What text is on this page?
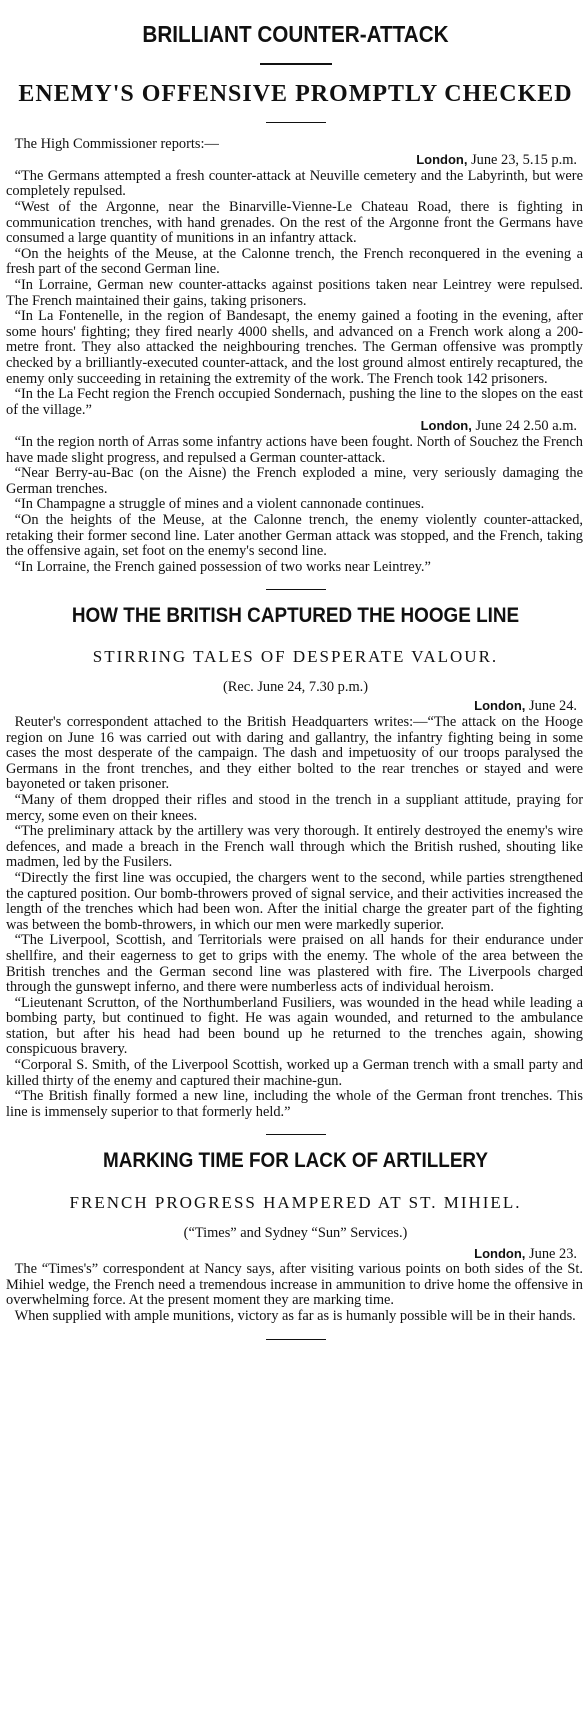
BRILLIANT COUNTER-ATTACK
ENEMY'S OFFENSIVE PROMPTLY CHECKED

The High Commissioner reports:—

London, June 23, 5.15 p.m.

“The Germans attempted a fresh counter-attack at Neuville cemetery and the Labyrinth, but were completely repulsed.

“West of the Argonne, near the Binarville-Vienne-Le Chateau Road, there is fighting in communication trenches, with hand grenades. On the rest of the Argonne front the Germans have consumed a large quantity of munitions in an infantry attack.

“On the heights of the Meuse, at the Calonne trench, the French reconquered in the evening a fresh part of the second German line.

“In Lorraine, German new counter-attacks against positions taken near Leintrey were repulsed. The French maintained their gains, taking prisoners.

“In La Fontenelle, in the region of Bandesapt, the enemy gained a footing in the evening, after some hours' fighting; they fired nearly 4000 shells, and advanced on a French work along a 200-metre front. They also attacked the neighbouring trenches. The German offensive was promptly checked by a brilliantly-executed counter-attack, and the lost ground almost entirely recaptured, the enemy only succeeding in retaining the extremity of the work. The French took 142 prisoners.

“In the La Fecht region the French occupied Sondernach, pushing the line to the slopes on the east of the village.”

London, June 24 2.50 a.m.

“In the region north of Arras some infantry actions have been fought. North of Souchez the French have made slight progress, and repulsed a German counter-attack.

“Near Berry-au-Bac (on the Aisne) the French exploded a mine, very seriously damaging the German trenches.

“In Champagne a struggle of mines and a violent cannonade continues.

“On the heights of the Meuse, at the Calonne trench, the enemy violently counter-attacked, retaking their former second line. Later another German attack was stopped, and the French, taking the offensive again, set foot on the enemy's second line.

“In Lorraine, the French gained possession of two works near Leintrey.”

HOW THE BRITISH CAPTURED THE HOOGE LINE
STIRRING TALES OF DESPERATE VALOUR.

(Rec. June 24, 7.30 p.m.)

London, June 24.

Reuter's correspondent attached to the British Headquarters writes:—“The attack on the Hooge region on June 16 was carried out with daring and gallantry, the infantry fighting being in some cases the most desperate of the campaign. The dash and impetuosity of our troops paralysed the Germans in the front trenches, and they either bolted to the rear trenches or stayed and were bayoneted or taken prisoner.

“Many of them dropped their rifles and stood in the trench in a suppliant attitude, praying for mercy, some even on their knees.

“The preliminary attack by the artillery was very thorough. It entirely destroyed the enemy's wire defences, and made a breach in the French wall through which the British rushed, shouting like madmen, led by the Fusilers.

“Directly the first line was occupied, the chargers went to the second, while parties strengthened the captured position. Our bomb-throwers proved of signal service, and their activities increased the length of the trenches which had been won. After the initial charge the greater part of the fighting was between the bomb-throwers, in which our men were markedly superior.

“The Liverpool, Scottish, and Territorials were praised on all hands for their endurance under shellfire, and their eagerness to get to grips with the enemy. The whole of the area between the British trenches and the German second line was plastered with fire. The Liverpools charged through the gunswept inferno, and there were numberless acts of individual heroism.

“Lieutenant Scrutton, of the Northumberland Fusiliers, was wounded in the head while leading a bombing party, but continued to fight. He was again wounded, and returned to the ambulance station, but after his head had been bound up he returned to the trenches again, showing conspicuous bravery.

“Corporal S. Smith, of the Liverpool Scottish, worked up a German trench with a small party and killed thirty of the enemy and captured their machine-gun.

“The British finally formed a new line, including the whole of the German front trenches. This line is immensely superior to that formerly held.”

MARKING TIME FOR LACK OF ARTILLERY
FRENCH PROGRESS HAMPERED AT ST. MIHIEL.

(“Times” and Sydney “Sun” Services.)

London, June 23.

The “Times's” correspondent at Nancy says, after visiting various points on both sides of the St. Mihiel wedge, the French need a tremendous increase in ammunition to drive home the offensive in overwhelming force. At the present moment they are marking time.

When supplied with ample munitions, victory as far as is humanly possible will be in their hands.
